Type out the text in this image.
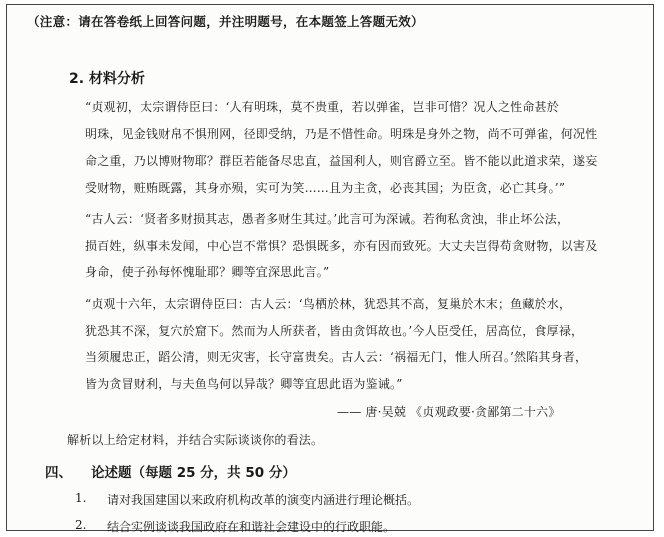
（注意：请在答卷纸上回答问题，并注明题号，在本题签上答题无效）
2. 材料分析
“贞观初，太宗谓侍臣曰：‘人有明珠，莫不贵重，若以弹雀，岂非可惜？况人之性命甚於
明珠，见金钱财帛不惧刑网，径即受纳，乃是不惜性命。明珠是身外之物，尚不可弹雀，何况性
命之重，乃以博财物耶？群臣若能备尽忠直，益国利人，则官爵立至。皆不能以此道求荣，遂妄
受财物，赃贿既露，其身亦殒，实可为笑……且为主贪，必丧其国；为臣贪，必亡其身。’”
“古人云：‘贤者多财损其志，愚者多财生其过。’此言可为深诫。若徇私贪浊，非止坏公法，
损百姓，纵事未发闻，中心岂不常惧？恐惧既多，亦有因而致死。大丈夫岂得苟贪财物，以害及
身命，使子孙每怀愧耻耶？卿等宜深思此言。”
“贞观十六年，太宗谓侍臣曰：古人云：‘鸟栖於林，犹恐其不高，复巢於木末；鱼藏於水，
犹恐其不深，复穴於窟下。然而为人所获者，皆由贪饵故也。’今人臣受任，居高位，食厚禄，
当须履忠正，蹈公清，则无灾害，长守富贵矣。古人云：‘祸福无门，惟人所召。’然陷其身者，
皆为贪冒财利，与夫鱼鸟何以异哉？卿等宜思此语为鉴诫。”
—— 唐·吴兢 《贞观政要·贪鄙第二十六》
解析以上给定材料，并结合实际谈谈你的看法。
四、 论述题（每题 25 分，共 50 分）
1. 请对我国建国以来政府机构改革的演变内涵进行理论概括。
2. 结合实例谈谈我国政府在和谐社会建设中的行政职能。
